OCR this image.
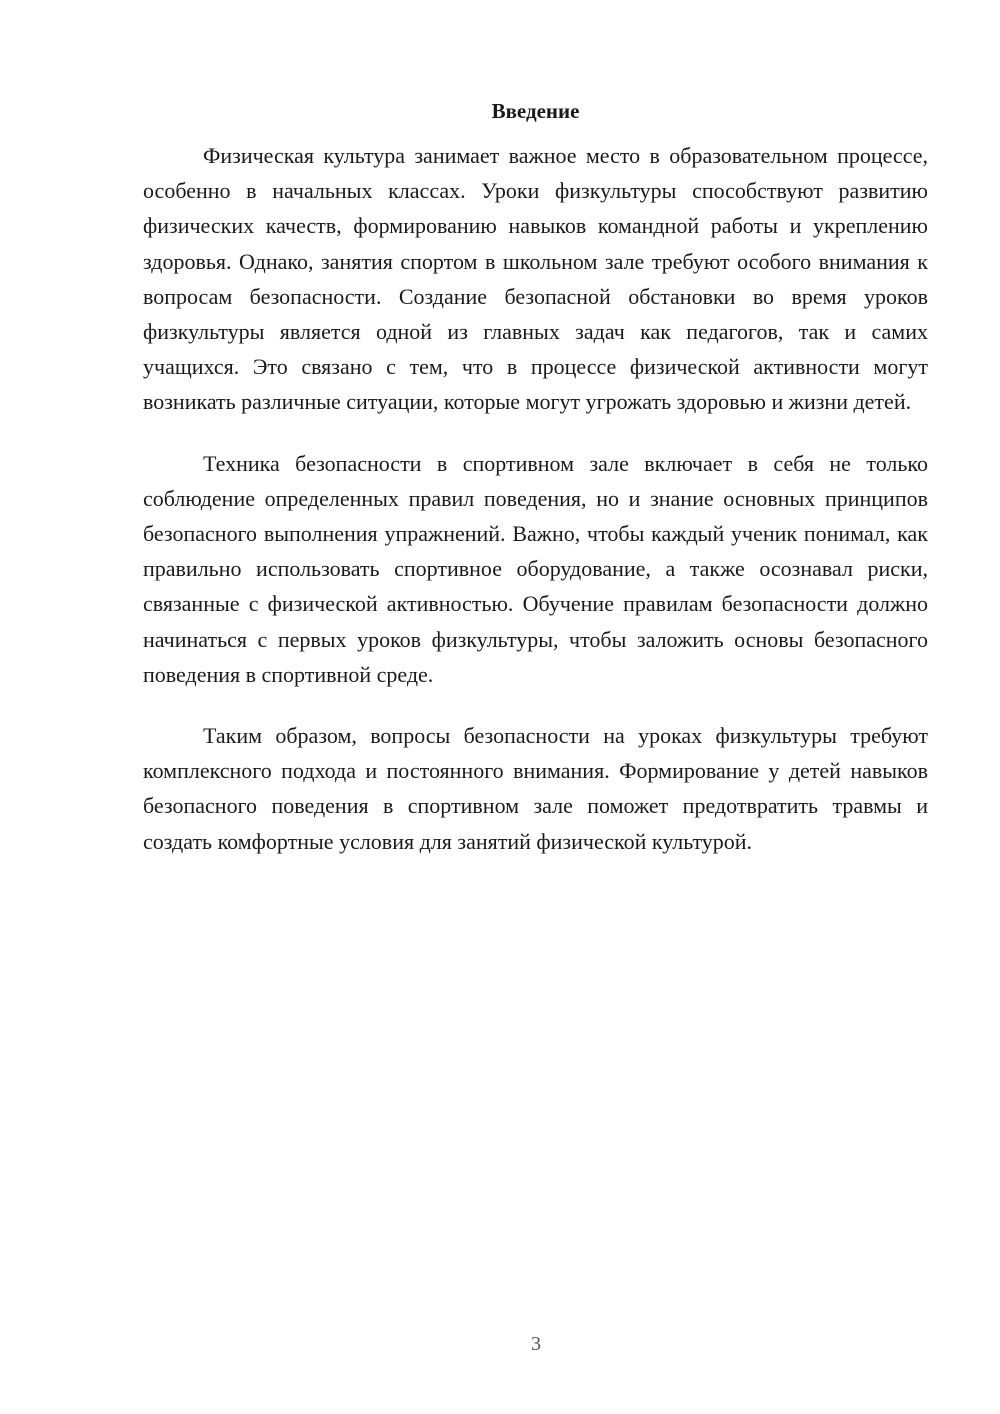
Введение

Физическая культура занимает важное место в образовательном процессе, особенно в начальных классах. Уроки физкультуры способствуют развитию физических качеств, формированию навыков командной работы и укреплению здоровья. Однако, занятия спортом в школьном зале требуют особого внимания к вопросам безопасности. Создание безопасной обстановки во время уроков физкультуры является одной из главных задач как педагогов, так и самих учащихся. Это связано с тем, что в процессе физической активности могут возникать различные ситуации, которые могут угрожать здоровью и жизни детей.

Техника безопасности в спортивном зале включает в себя не только соблюдение определенных правил поведения, но и знание основных принципов безопасного выполнения упражнений. Важно, чтобы каждый ученик понимал, как правильно использовать спортивное оборудование, а также осознавал риски, связанные с физической активностью. Обучение правилам безопасности должно начинаться с первых уроков физкультуры, чтобы заложить основы безопасного поведения в спортивной среде.

Таким образом, вопросы безопасности на уроках физкультуры требуют комплексного подхода и постоянного внимания. Формирование у детей навыков безопасного поведения в спортивном зале поможет предотвратить травмы и создать комфортные условия для занятий физической культурой.

3
